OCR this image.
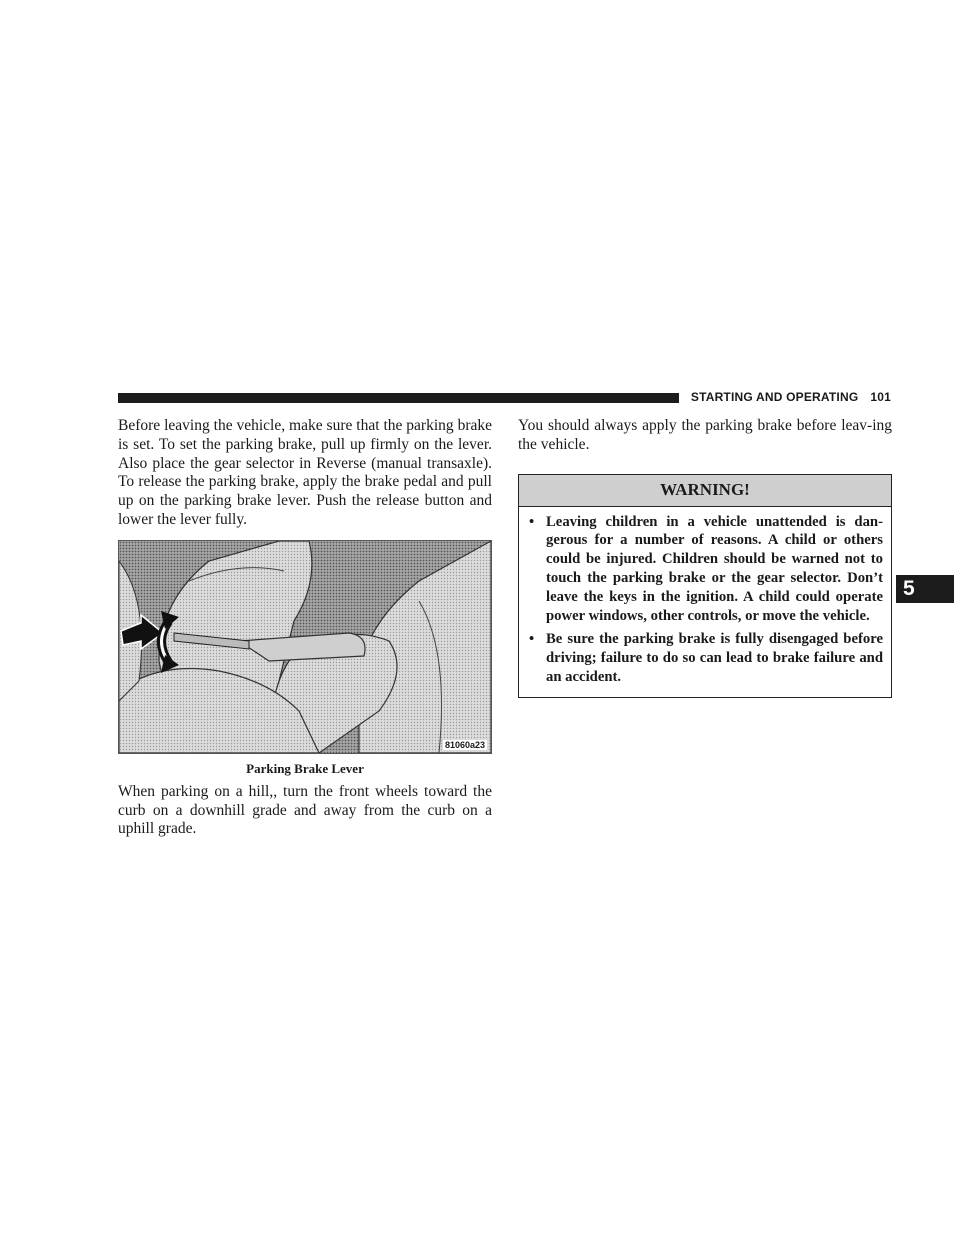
STARTING AND OPERATING 101

Before leaving the vehicle, make sure that the parking brake is set. To set the parking brake, pull up firmly on the lever. Also place the gear selector in Reverse (manual transaxle). To release the parking brake, apply the brake pedal and pull up on the parking brake lever. Push the release button and lower the lever fully.

81060a23
Parking Brake Lever

When parking on a hill,, turn the front wheels toward the curb on a downhill grade and away from the curb on a uphill grade.

You should always apply the parking brake before leav-ing the vehicle.

WARNING!
• Leaving children in a vehicle unattended is dan-gerous for a number of reasons. A child or others could be injured. Children should be warned not to touch the parking brake or the gear selector. Don’t leave the keys in the ignition. A child could operate power windows, other controls, or move the vehicle.
• Be sure the parking brake is fully disengaged before driving; failure to do so can lead to brake failure and an accident.
5
